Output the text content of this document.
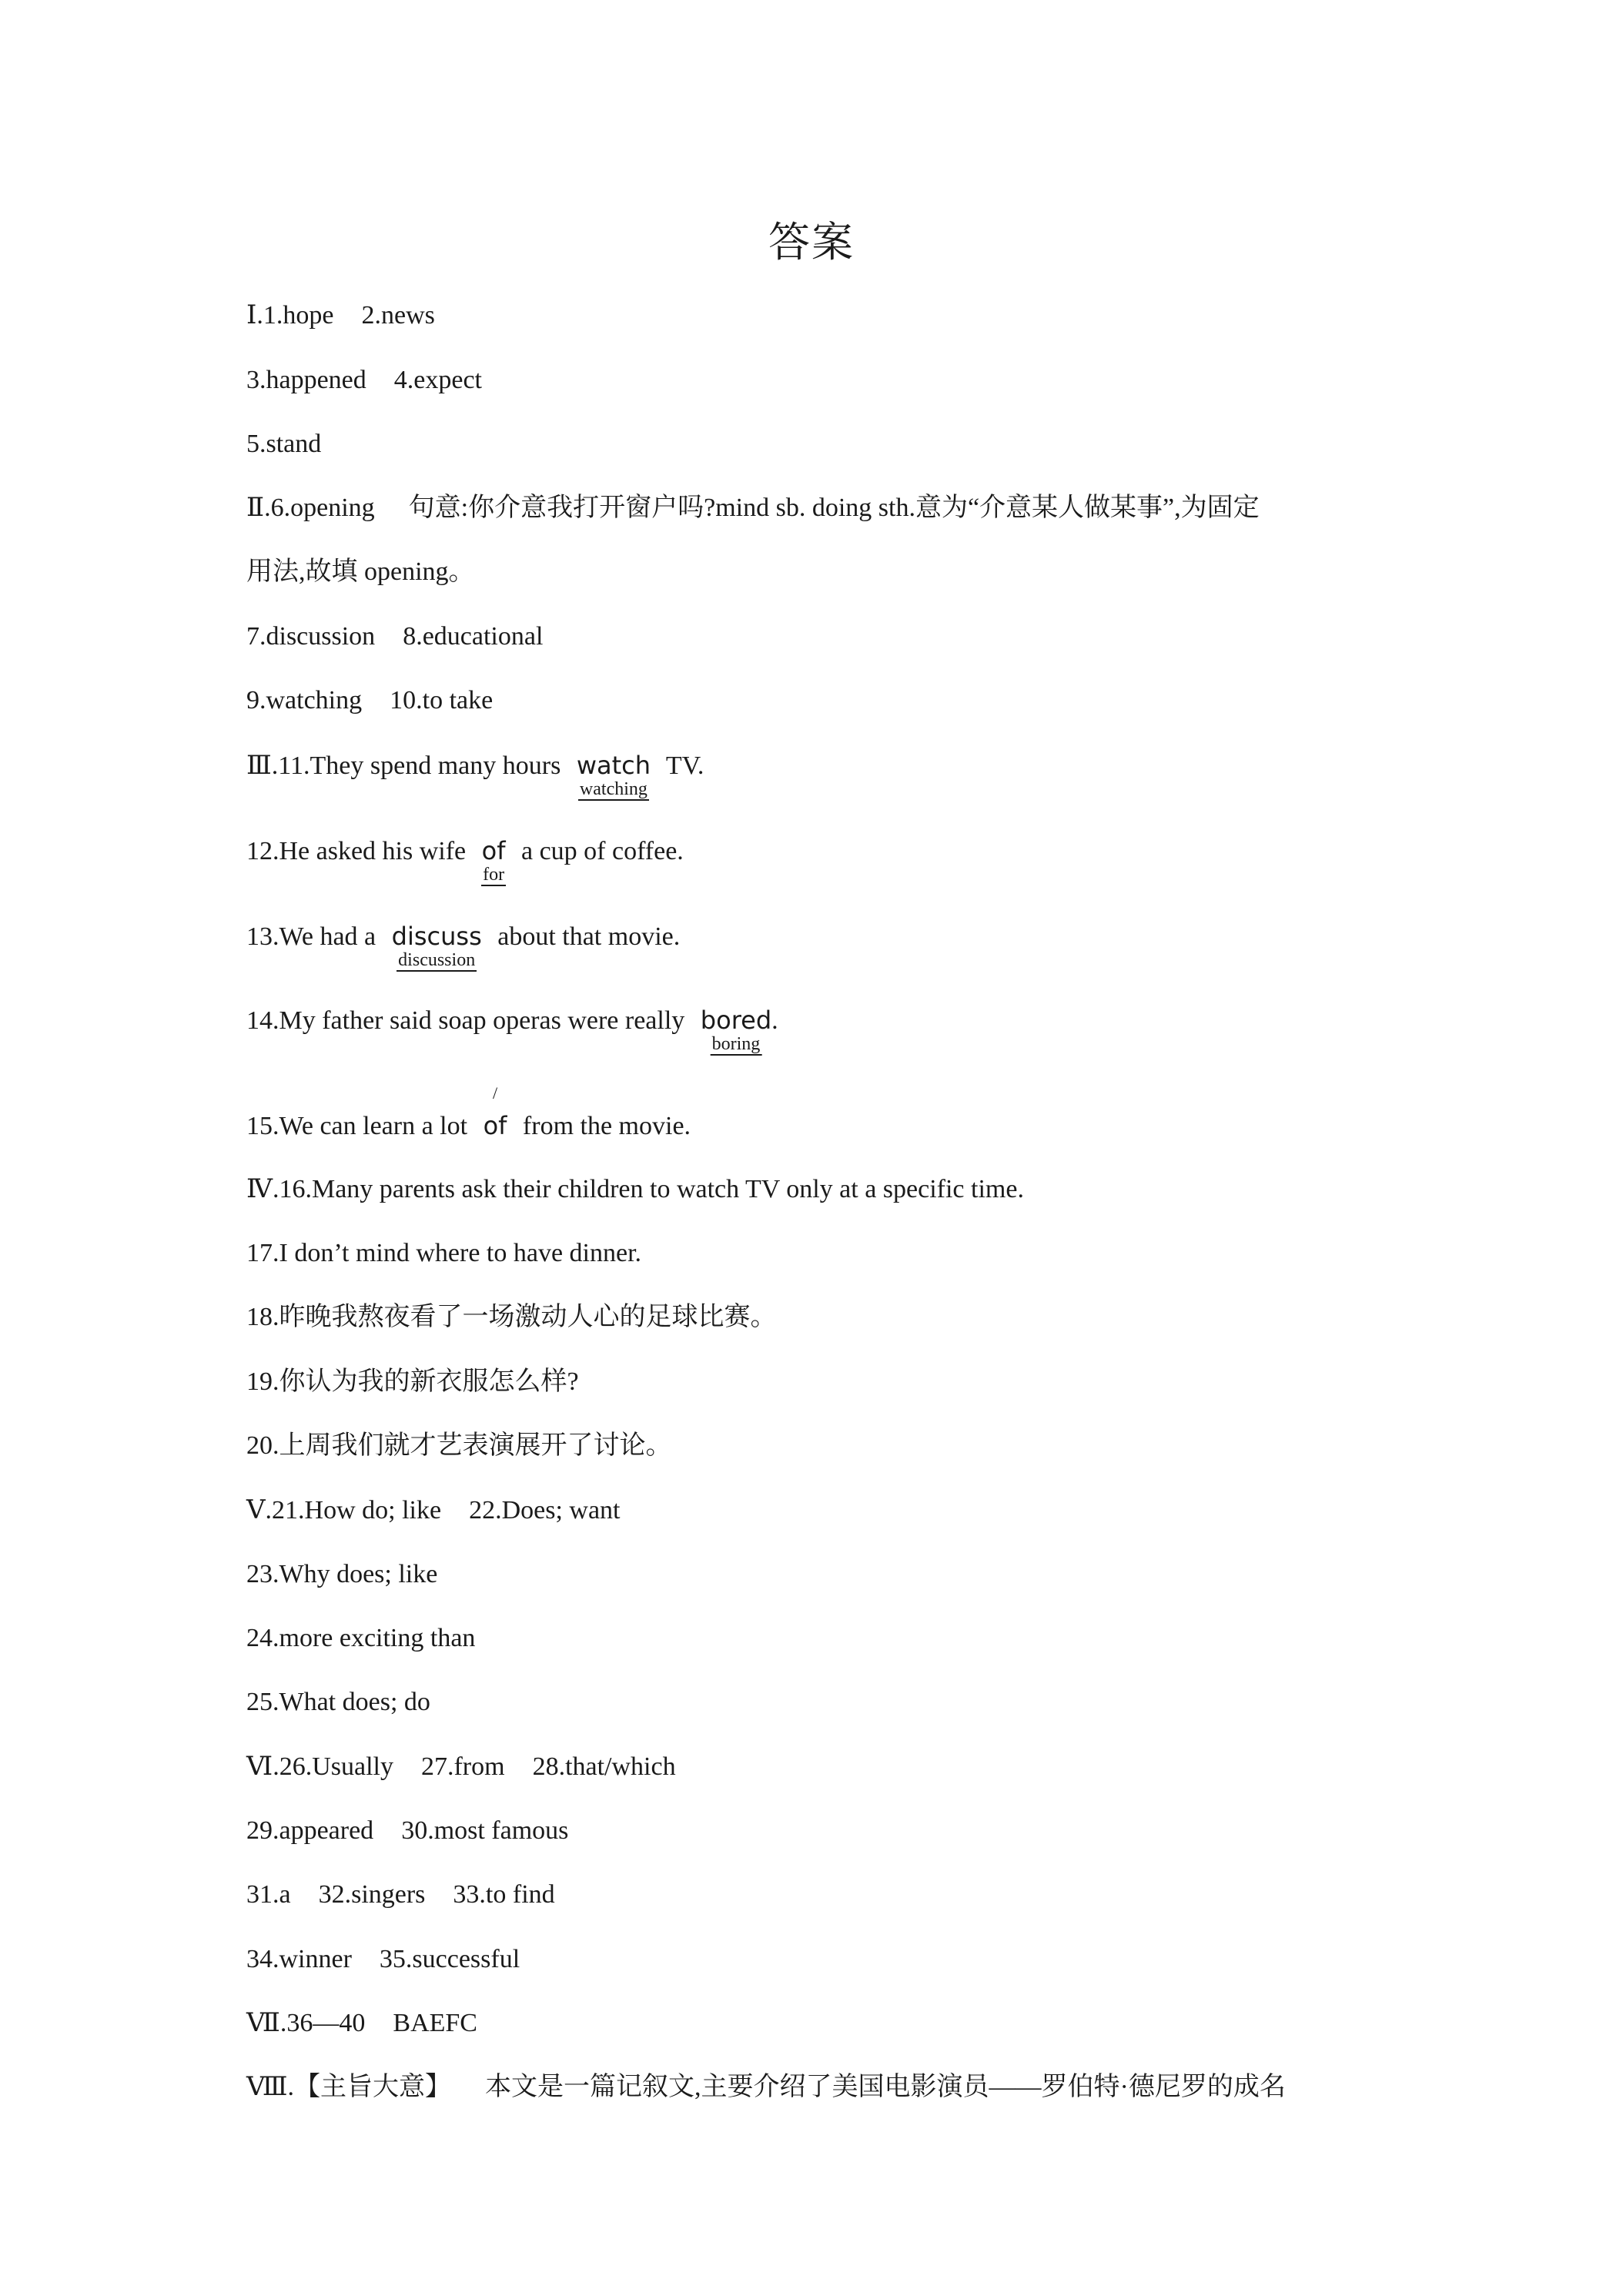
答案
Ⅰ.1.hope 2.news
3.happened 4.expect
5.stand
Ⅱ.6.opening 句意:你介意我打开窗户吗?mind sb. doing sth.意为“介意某人做某事”,为固定
用法,故填 opening。
7.discussion 8.educational
9.watching 10.to take
Ⅲ.11.They spend many hours watch
watching
TV.
12.He asked his wife of
for
a cup of coffee.
13.We had a discuss
discussion
about that movie.
14.My father said soap operas were really bored
boring
.
15.We can learn a lot
/
of from the movie.
Ⅳ.16.Many parents ask their children to watch TV only at a specific time.
17.I don’t mind where to have dinner.
18.昨晚我熬夜看了一场激动人心的足球比赛。
19.你认为我的新衣服怎么样?
20.上周我们就才艺表演展开了讨论。
Ⅴ.21.How do; like 22.Does; want
23.Why does; like
24.more exciting than
25.What does; do
Ⅵ.26.Usually 27.from 28.that/which
29.appeared 30.most famous
31.a 32.singers 33.to find
34.winner 35.successful
Ⅶ.36—40 BAEFC
Ⅷ.【主旨大意】 本文是一篇记叙文,主要介绍了美国电影演员——罗伯特·德尼罗的成名
